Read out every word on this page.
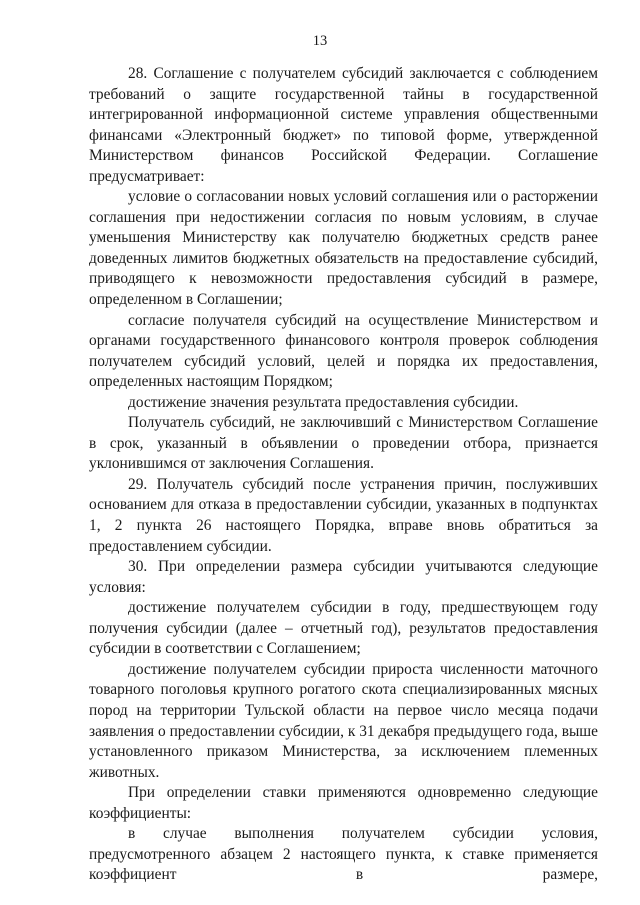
13

28. Соглашение с получателем субсидий заключается с соблюдением требований о защите государственной тайны в государственной интегрированной информационной системе управления общественными финансами «Электронный бюджет» по типовой форме, утвержденной Министерством финансов Российской Федерации. Соглашение предусматривает:

условие о согласовании новых условий соглашения или о расторжении соглашения при недостижении согласия по новым условиям, в случае уменьшения Министерству как получателю бюджетных средств ранее доведенных лимитов бюджетных обязательств на предоставление субсидий, приводящего к невозможности предоставления субсидий в размере, определенном в Соглашении;

согласие получателя субсидий на осуществление Министерством и органами государственного финансового контроля проверок соблюдения получателем субсидий условий, целей и порядка их предоставления, определенных настоящим Порядком;

достижение значения результата предоставления субсидии.

Получатель субсидий, не заключивший с Министерством Соглашение в срок, указанный в объявлении о проведении отбора, признается уклонившимся от заключения Соглашения.

29. Получатель субсидий после устранения причин, послуживших основанием для отказа в предоставлении субсидии, указанных в подпунктах 1, 2 пункта 26 настоящего Порядка, вправе вновь обратиться за предоставлением субсидии.

30. При определении размера субсидии учитываются следующие условия:

достижение получателем субсидии в году, предшествующем году получения субсидии (далее – отчетный год), результатов предоставления субсидии в соответствии с Соглашением;

достижение получателем субсидии прироста численности маточного товарного поголовья крупного рогатого скота специализированных мясных пород на территории Тульской области на первое число месяца подачи заявления о предоставлении субсидии, к 31 декабря предыдущего года, выше установленного приказом Министерства, за исключением племенных животных.

При определении ставки применяются одновременно следующие коэффициенты:

в случае выполнения получателем субсидии условия, предусмотренного абзацем 2 настоящего пункта, к ставке применяется коэффициент в размере,
